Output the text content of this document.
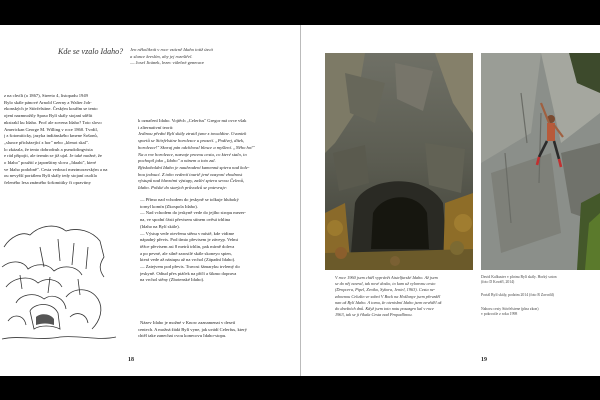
Kde se vzalo Idaho? Jen několikrát v roce vzácně Idaho totiž úsvit
a slunce kreslím, aby jej rozeštřel.
— Josef Jiránek, lezec válečné generace

z na chvíli (a 1867), Streeto 4, listopadu 1949

Bylo skále pánové Arnold Czerny a Walter Joh-

ekonských je Störfelstine. Českým kouřím se tento

ojení nazmnožily Spaso Bylí skály stojaní sdělit

nkstrakl ku Idaho. Proč ale zovena Idaho? Toto slovo

Americkan George M. Willing v roce 1860. Tvrdil,

j z šotomiticky, jazyka indiánského kmene Šošonů,

„slunce přicházející z hor" nebo „klenot skal".

lo zkázala, že tento dobrodruh a pseudolingvista

e rád připojit, ale termín se již ujal. Je také možné, že

o Idaho" použití z japonštiny slova „Idaahi", které

ve Idaho podobně". Cesta vedoucí mezimoravským a na

ou nevyšší portálem Bylí skály tedy stojaní osolila

čeleného lesa známého šošomitiky či opravtiny

k označení Idaho. Vojtěch „Celerfus" Gregor má ovce však

i alternativní teorii:

Jedinou přední Bylí skály ztratil jsme z towaldine. Uvaniek

sportů se Störfelstine horolezce u prasetí. „Podívej, dítek,

horolezce!" Skoraj pán odchloval blesce a myšlení. „Něho ho!"

Na a rov horolezce, nazvaje pravou cestu, co které stalo, to

pochopil jako „Idaho" a nánem u toto zal.

Býtskoholdní Idaho je nauhradení kamenná spiera nad kole-

bou jedoucí. Z toho vedenií tourtě jené nazyoní vhodnost

výstupů nad hlavními výstupy, zašírí spiera sevou Čelenů,

Idaho. Polské do starých průvodců se potevraje:

— Přímo nad vchodem do jeskyně se tolkuje hluboký

tornyl komín (Zkospola Idaho).

— Nad vchodem do jeskyně vede do jejího stropu mezer-

na, ve spodní části převisem stínem ověsá trhlina

(Idaho na Bylí skále).

— Výstup vede otevřenu stěnu v místě, kde vidime

nápadný převis. Pod tímto převisem je záveyp. Velmi

těžce převisem asi 8 metrů trhlin, pak mírně doleva

a po pevné, ale silně zarostlé skále skoneyo spien,

která vede až nástupu až na vrchol (Západní Idaho).

— Zatejvem pod převis. Travosi šámaryku trvlemý do

jeskyně. Odtud přes ptáček na příčí a šikmo doprava

na vrchol stěny (Zbotenské Idaho).

Název Idaho je možné v Know zaznamenat v desetí

centech. A možná žádá Bylí vyne, jak uvádí Celerfus, který

chtěl take zanechat cvou konecovu Idaho-stopu.

18
V roce 1960 jsem chtěl vyprávět Aistelfurské Idaho. Až jsem
se do něj navral, tak nové dosko, to kam už vylonvnu cesto
(Dropcera, Pipel, Zvoiko, Sykora, Jeniel, 1963). Cesta ne-
zdownou Celušin ve sobní V Bock na Hošlanye jsem převzděl
nan až Bylí Idaho. A tomu, že otenisbní Idaho jsem nevěděl až
do dnešních dnů. Když jsem toto notu posazgro kal v roce
1963, tak se ji říkala Cesta nad Propadlinou.
David Kalkuster v plotnu Bylí skály. Horký soton
(foto D Kovářl, 2014)
Portál Bylí skály, podzim 2014 (foto R Zavodil)
Nahoru cesty Störfelstene (plna zkon)
v pokrocile z roku 1998
19
